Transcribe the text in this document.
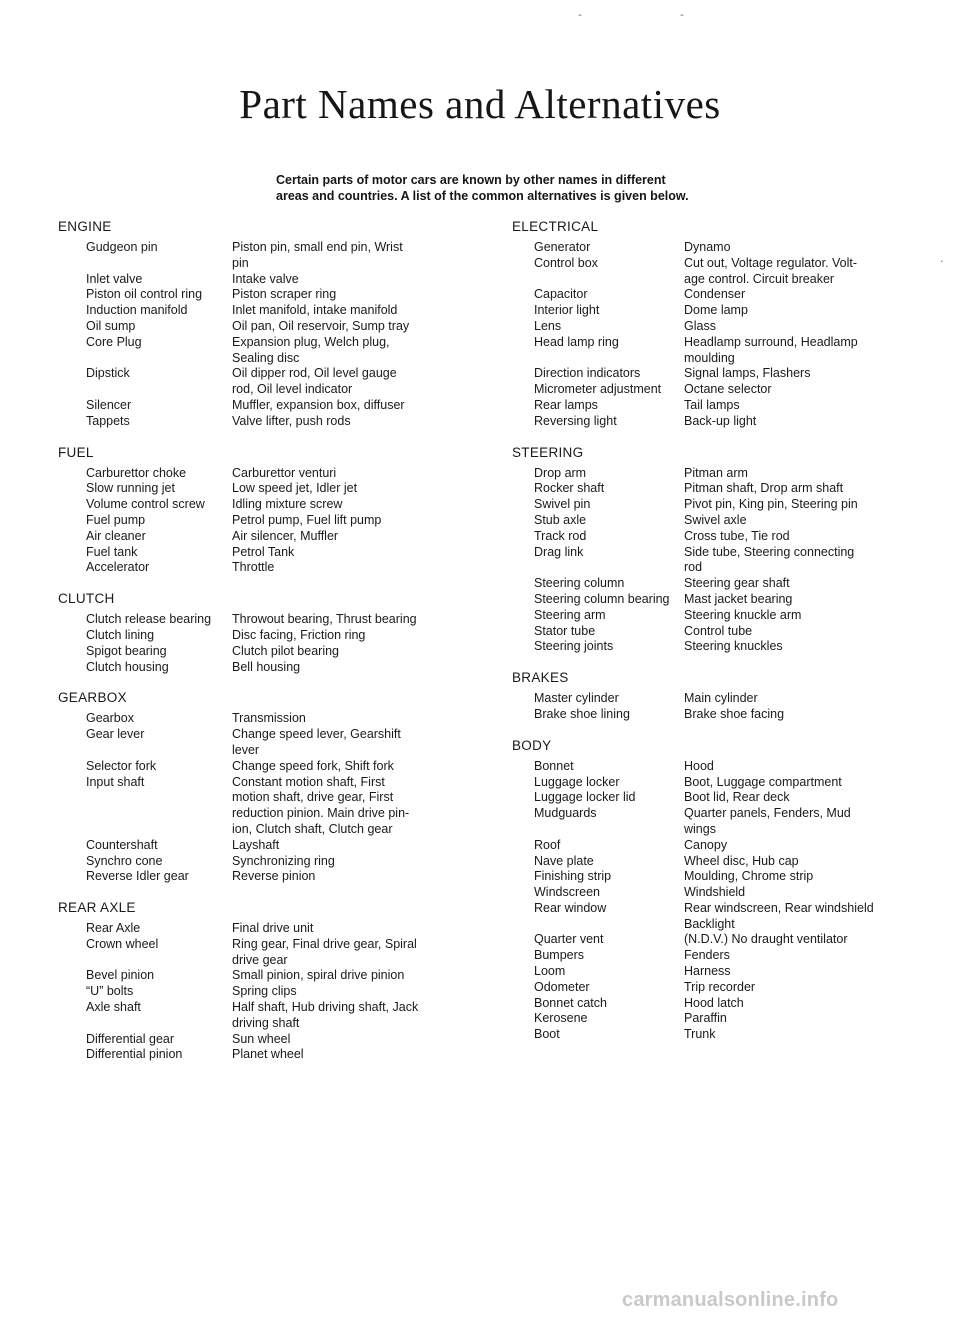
Part Names and Alternatives
Certain parts of motor cars are known by other names in different
areas and countries. A list of the common alternatives is given below.
ENGINE
Gudgeon pin	Piston pin, small end pin, Wrist
pin
Inlet valve	Intake valve
Piston oil control ring	Piston scraper ring
Induction manifold	Inlet manifold, intake manifold
Oil sump	Oil pan, Oil reservoir, Sump tray
Core Plug	Expansion plug, Welch plug,
Sealing disc
Dipstick	Oil dipper rod, Oil level gauge
rod, Oil level indicator
Silencer	Muffler, expansion box, diffuser
Tappets	Valve lifter, push rods
FUEL
Carburettor choke	Carburettor venturi
Slow running jet	Low speed jet, Idler jet
Volume control screw	Idling mixture screw
Fuel pump	Petrol pump, Fuel lift pump
Air cleaner	Air silencer, Muffler
Fuel tank	Petrol Tank
Accelerator	Throttle
CLUTCH
Clutch release bearing	Throwout bearing, Thrust bearing
Clutch lining	Disc facing, Friction ring
Spigot bearing	Clutch pilot bearing
Clutch housing	Bell housing
GEARBOX
Gearbox	Transmission
Gear lever	Change speed lever, Gearshift
lever
Selector fork	Change speed fork, Shift fork
Input shaft	Constant motion shaft, First
motion shaft, drive gear, First
reduction pinion. Main drive pin-
ion, Clutch shaft, Clutch gear
Countershaft	Layshaft
Synchro cone	Synchronizing ring
Reverse Idler gear	Reverse pinion
REAR AXLE
Rear Axle	Final drive unit
Crown wheel	Ring gear, Final drive gear, Spiral
drive gear
Bevel pinion	Small pinion, spiral drive pinion
“U” bolts	Spring clips
Axle shaft	Half shaft, Hub driving shaft, Jack
driving shaft
Differential gear	Sun wheel
Differential pinion	Planet wheel
ELECTRICAL
Generator	Dynamo
Control box	Cut out, Voltage regulator. Volt-
age control. Circuit breaker
Capacitor	Condenser
Interior light	Dome lamp
Lens	Glass
Head lamp ring	Headlamp surround, Headlamp
moulding
Direction indicators	Signal lamps, Flashers
Micrometer adjustment	Octane selector
Rear lamps	Tail lamps
Reversing light	Back-up light
STEERING
Drop arm	Pitman arm
Rocker shaft	Pitman shaft, Drop arm shaft
Swivel pin	Pivot pin, King pin, Steering pin
Stub axle	Swivel axle
Track rod	Cross tube, Tie rod
Drag link	Side tube, Steering connecting
rod
Steering column	Steering gear shaft
Steering column bearing	Mast jacket bearing
Steering arm	Steering knuckle arm
Stator tube	Control tube
Steering joints	Steering knuckles
BRAKES
Master cylinder	Main cylinder
Brake shoe lining	Brake shoe facing
BODY
Bonnet	Hood
Luggage locker	Boot, Luggage compartment
Luggage locker lid	Boot lid, Rear deck
Mudguards	Quarter panels, Fenders, Mud
wings
Roof	Canopy
Nave plate	Wheel disc, Hub cap
Finishing strip	Moulding, Chrome strip
Windscreen	Windshield
Rear window	Rear windscreen, Rear windshield
Backlight
Quarter vent	(N.D.V.) No draught ventilator
Bumpers	Fenders
Loom	Harness
Odometer	Trip recorder
Bonnet catch	Hood latch
Kerosene	Paraffin
Boot	Trunk
-	-
·
carmanualsonline.info
